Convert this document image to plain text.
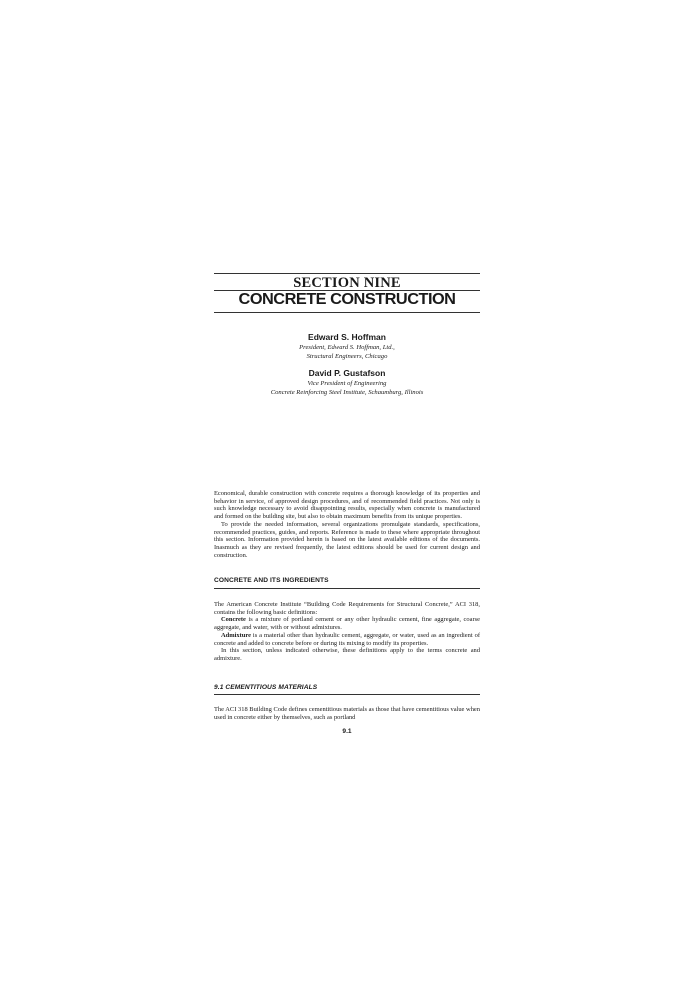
SECTION NINE
CONCRETE CONSTRUCTION
Edward S. Hoffman
President, Edward S. Hoffman, Ltd.,
Structural Engineers, Chicago
David P. Gustafson
Vice President of Engineering
Concrete Reinforcing Steel Institute, Schaumburg, Illinois

Economical, durable construction with concrete requires a thorough knowledge of its properties and behavior in service, of approved design procedures, and of recommended field practices. Not only is such knowledge necessary to avoid disappointing results, especially when concrete is manufactured and formed on the building site, but also to obtain maximum benefits from its unique properties.

To provide the needed information, several organizations promulgate standards, specifications, recommended practices, guides, and reports. Reference is made to these where appropriate throughout this section. Information provided herein is based on the latest available editions of the documents. Inasmuch as they are revised frequently, the latest editions should be used for current design and construction.

CONCRETE AND ITS INGREDIENTS

The American Concrete Institute “Building Code Requirements for Structural Concrete,” ACI 318, contains the following basic definitions:

Concrete is a mixture of portland cement or any other hydraulic cement, fine aggregate, coarse aggregate, and water, with or without admixtures.

Admixture is a material other than hydraulic cement, aggregate, or water, used as an ingredient of concrete and added to concrete before or during its mixing to modify its properties.

In this section, unless indicated otherwise, these definitions apply to the terms concrete and admixture.

9.1 CEMENTITIOUS MATERIALS

The ACI 318 Building Code defines cementitious materials as those that have cementitious value when used in concrete either by themselves, such as portland

9.1
